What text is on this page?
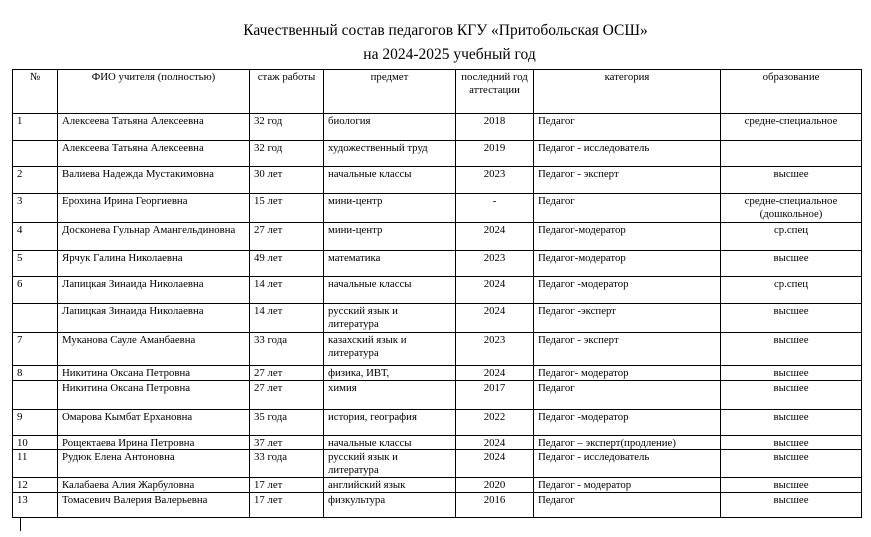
Качественный состав педагогов КГУ «Притобольская ОСШ»
на 2024-2025 учебный год
№	ФИО учителя (полностью)	стаж работы	предмет	последний год аттестации	категория	образование
1	Алексеева Татьяна Алексеевна	32 год	биология	2018	Педагог	средне-специальное
	Алексеева Татьяна Алексеевна	32 год	художественный труд	2019	Педагог - исследователь	
2	Валиева Надежда Мустакимовна	30 лет	начальные классы	2023	Педагог - эксперт	высшее
3	Ерохина Ирина Георгиевна	15 лет	мини-центр	-	Педагог	средне-специальное (дошкольное)
4	Досконева Гульнар Амангельдиновна	27 лет	мини-центр	2024	Педагог-модератор	ср.спец
5	Ярчук Галина Николаевна	49 лет	математика	2023	Педагог-модератор	высшее
6	Лапицкая Зинаида Николаевна	14 лет	начальные классы	2024	Педагог -модератор	ср.спец
	Лапицкая Зинаида Николаевна	14 лет	русский язык и литература	2024	Педагог -эксперт	высшее
7	Муканова Сауле Аманбаевна	33 года	казахский язык и литература	2023	Педагог - эксперт	высшее
8	Никитина Оксана Петровна	27 лет	физика, ИВТ,	2024	Педагог- модератор	высшее
	Никитина Оксана Петровна	27 лет	химия	2017	Педагог	высшее
9	Омарова Кымбат Ерхановна	35 года	история, география	2022	Педагог -модератор	высшее
10	Рощектаева Ирина Петровна	37 лет	начальные классы	2024	Педагог – эксперт(продление)	высшее
11	Рудюк Елена Антоновна	33 года	русский язык и литература	2024	Педагог - исследователь	высшее
12	Калабаева Алия Жарбуловна	17 лет	английский язык	2020	Педагог - модератор	высшее
13	Томасевич Валерия Валерьевна	17 лет	физкультура	2016	Педагог	высшее
